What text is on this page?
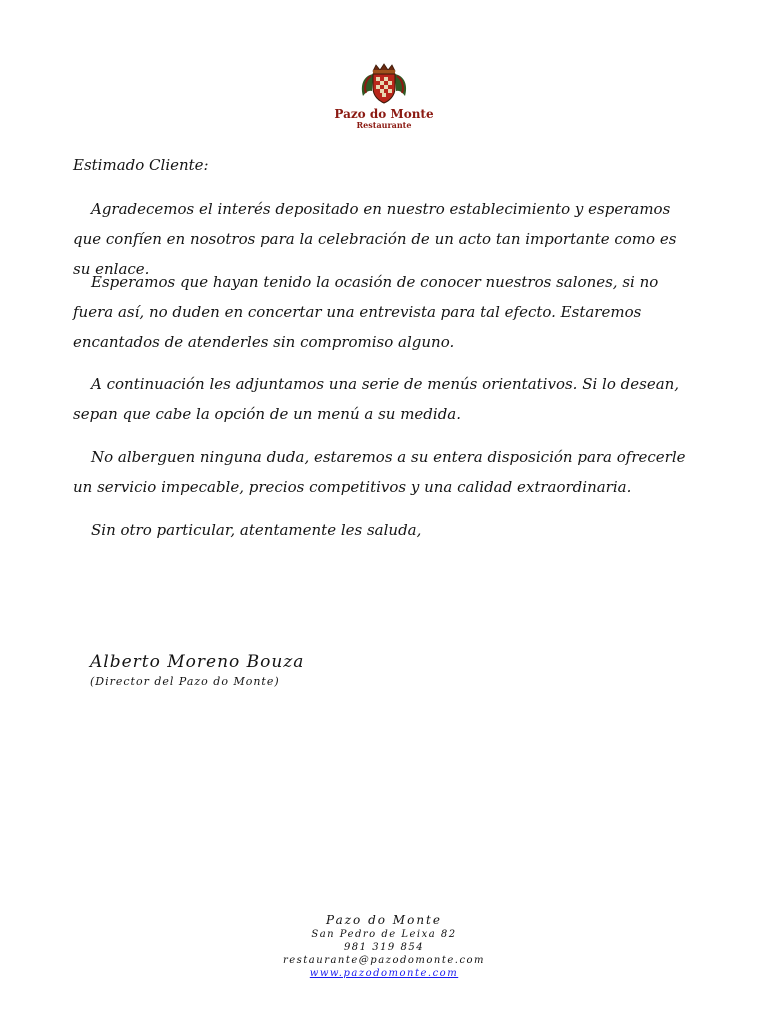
Pazo do Monte
Restaurante

Estimado Cliente:

Agradecemos el interés depositado en nuestro establecimiento y esperamos que confíen en nosotros para la celebración de un acto tan importante como es su enlace.

Esperamos que hayan tenido la ocasión de conocer nuestros salones, si no fuera así, no duden en concertar una entrevista para tal efecto. Estaremos encantados de atenderles sin compromiso alguno.

A continuación les adjuntamos una serie de menús orientativos. Si lo desean, sepan que cabe la opción de un menú a su medida.

No alberguen ninguna duda, estaremos a su entera disposición para ofrecerle un servicio impecable, precios competitivos y una calidad extraordinaria.

Sin otro particular, atentamente les saluda,

Alberto Moreno Bouza
(Director del Pazo do Monte)
Pazo do Monte
San Pedro de Leixa 82
981 319 854
restaurante@pazodomonte.com
www.pazodomonte.com
